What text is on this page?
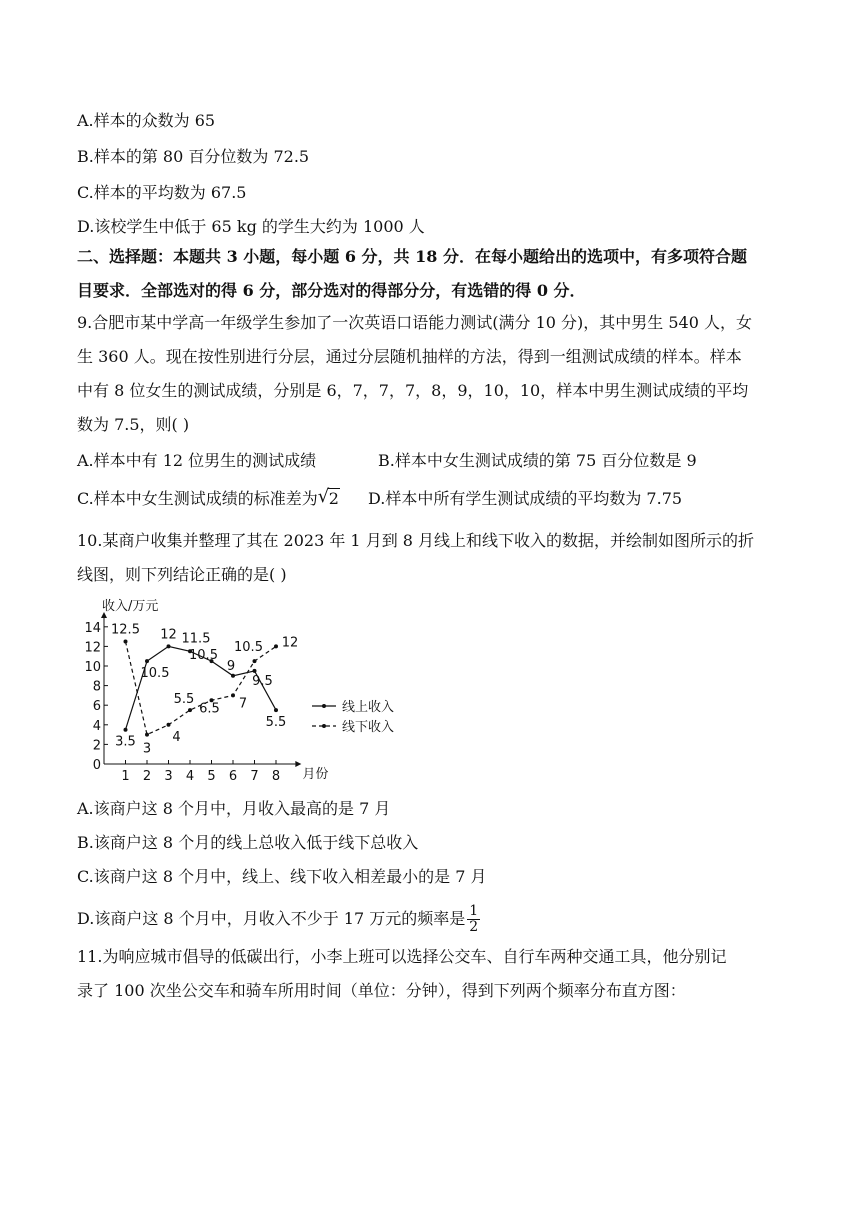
A.样本的众数为 65
B.样本的第 80 百分位数为 72.5
C.样本的平均数为 67.5
D.该校学生中低于 65 kg 的学生大约为 1000 人
二、选择题：本题共 3 小题，每小题 6 分，共 18 分．在每小题给出的选项中，有多项符合题
目要求．全部选对的得 6 分，部分选对的得部分分，有选错的得 0 分．
9.合肥市某中学高一年级学生参加了一次英语口语能力测试(满分 10 分)，其中男生 540 人，女
生 360 人。现在按性别进行分层，通过分层随机抽样的方法，得到一组测试成绩的样本。样本
中有 8 位女生的测试成绩，分别是 6，7，7，7，8，9，10，10，样本中男生测试成绩的平均
数为 7.5，则( )
A.样本中有 12 位男生的测试成绩	B.样本中女生测试成绩的第 75 百分位数是 9
C.样本中女生测试成绩的标准差为 √ 2 D.样本中所有学生测试成绩的平均数为 7.75
10.某商户收集并整理了其在 2023 年 1 月到 8 月线上和线下收入的数据，并绘制如图所示的折
线图，则下列结论正确的是( )
0
2
4
6
8
10
12
14
1 2 3 4 5 6 7 8
收入/万元
月份
3.5
10.5
12 11.5
10.5
9
9.5
5.5
12.5
3
4
5.5
6.5 7
10.5 12
线上收入
线下收入
A.该商户这 8 个月中，月收入最高的是 7 月
B.该商户这 8 个月的线上总收入低于线下总收入
C.该商户这 8 个月中，线上、线下收入相差最小的是 7 月
D.该商户这 8 个月中，月收入不少于 17 万元的频率是 $\frac{1}{2}$
11.为响应城市倡导的低碳出行，小李上班可以选择公交车、自行车两种交通工具，他分别记
录了 100 次坐公交车和骑车所用时间（单位：分钟），得到下列两个频率分布直方图：
